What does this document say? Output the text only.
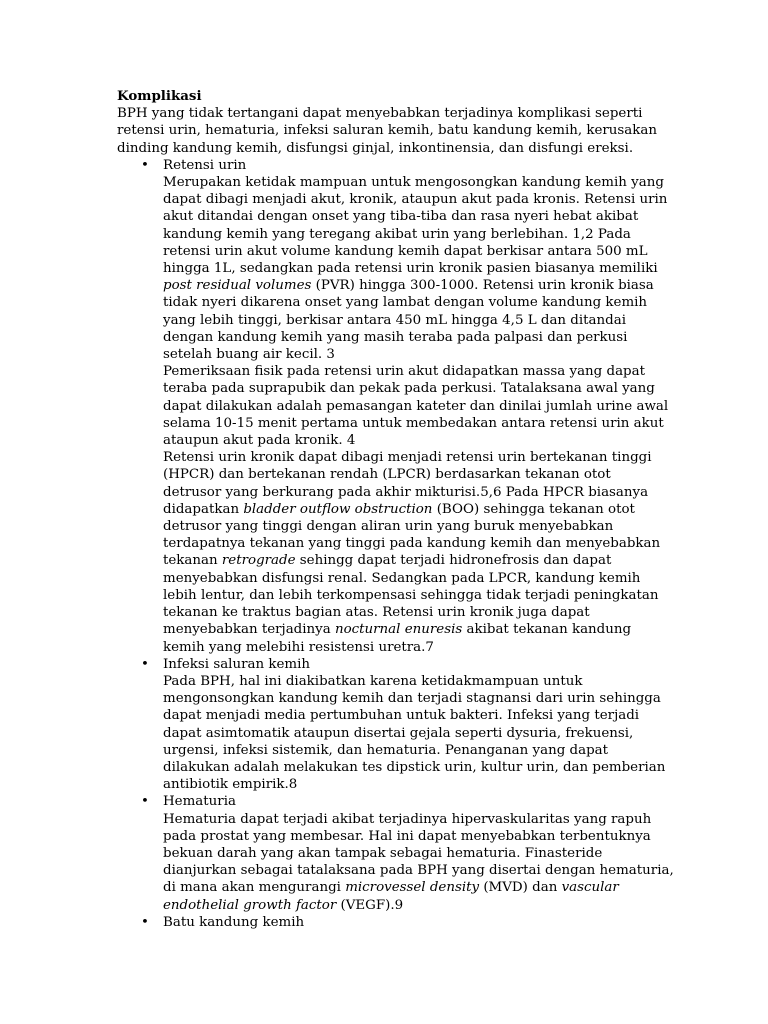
Komplikasi
BPH yang tidak tertangani dapat menyebabkan terjadinya komplikasi seperti
retensi urin, hematuria, infeksi saluran kemih, batu kandung kemih, kerusakan
dinding kandung kemih, disfungsi ginjal, inkontinensia, dan disfungi ereksi.
•
Retensi urin
Merupakan ketidak mampuan untuk mengosongkan kandung kemih yang
dapat dibagi menjadi akut, kronik, ataupun akut pada kronis. Retensi urin
akut ditandai dengan onset yang tiba-tiba dan rasa nyeri hebat akibat
kandung kemih yang teregang akibat urin yang berlebihan. 1,2 Pada
retensi urin akut volume kandung kemih dapat berkisar antara 500 mL
hingga 1L, sedangkan pada retensi urin kronik pasien biasanya memiliki
post residual volumes (PVR) hingga 300-1000. Retensi urin kronik biasa
tidak nyeri dikarena onset yang lambat dengan volume kandung kemih
yang lebih tinggi, berkisar antara 450 mL hingga 4,5 L dan ditandai
dengan kandung kemih yang masih teraba pada palpasi dan perkusi
setelah buang air kecil. 3
Pemeriksaan fisik pada retensi urin akut didapatkan massa yang dapat
teraba pada suprapubik dan pekak pada perkusi. Tatalaksana awal yang
dapat dilakukan adalah pemasangan kateter dan dinilai jumlah urine awal
selama 10-15 menit pertama untuk membedakan antara retensi urin akut
ataupun akut pada kronik. 4
Retensi urin kronik dapat dibagi menjadi retensi urin bertekanan tinggi
(HPCR) dan bertekanan rendah (LPCR) berdasarkan tekanan otot
detrusor yang berkurang pada akhir mikturisi.5,6 Pada HPCR biasanya
didapatkan bladder outflow obstruction (BOO) sehingga tekanan otot
detrusor yang tinggi dengan aliran urin yang buruk menyebabkan
terdapatnya tekanan yang tinggi pada kandung kemih dan menyebabkan
tekanan retrograde sehingg dapat terjadi hidronefrosis dan dapat
menyebabkan disfungsi renal. Sedangkan pada LPCR, kandung kemih
lebih lentur, dan lebih terkompensasi sehingga tidak terjadi peningkatan
tekanan ke traktus bagian atas. Retensi urin kronik juga dapat
menyebabkan terjadinya nocturnal enuresis akibat tekanan kandung
kemih yang melebihi resistensi uretra.7
•
Infeksi saluran kemih
Pada BPH, hal ini diakibatkan karena ketidakmampuan untuk
mengonsongkan kandung kemih dan terjadi stagnansi dari urin sehingga
dapat menjadi media pertumbuhan untuk bakteri. Infeksi yang terjadi
dapat asimtomatik ataupun disertai gejala seperti dysuria, frekuensi,
urgensi, infeksi sistemik, dan hematuria. Penanganan yang dapat
dilakukan adalah melakukan tes dipstick urin, kultur urin, dan pemberian
antibiotik empirik.8
•
Hematuria
Hematuria dapat terjadi akibat terjadinya hipervaskularitas yang rapuh
pada prostat yang membesar. Hal ini dapat menyebabkan terbentuknya
bekuan darah yang akan tampak sebagai hematuria. Finasteride
dianjurkan sebagai tatalaksana pada BPH yang disertai dengan hematuria,
di mana akan mengurangi microvessel density (MVD) dan vascular
endothelial growth factor (VEGF).9
•
Batu kandung kemih
